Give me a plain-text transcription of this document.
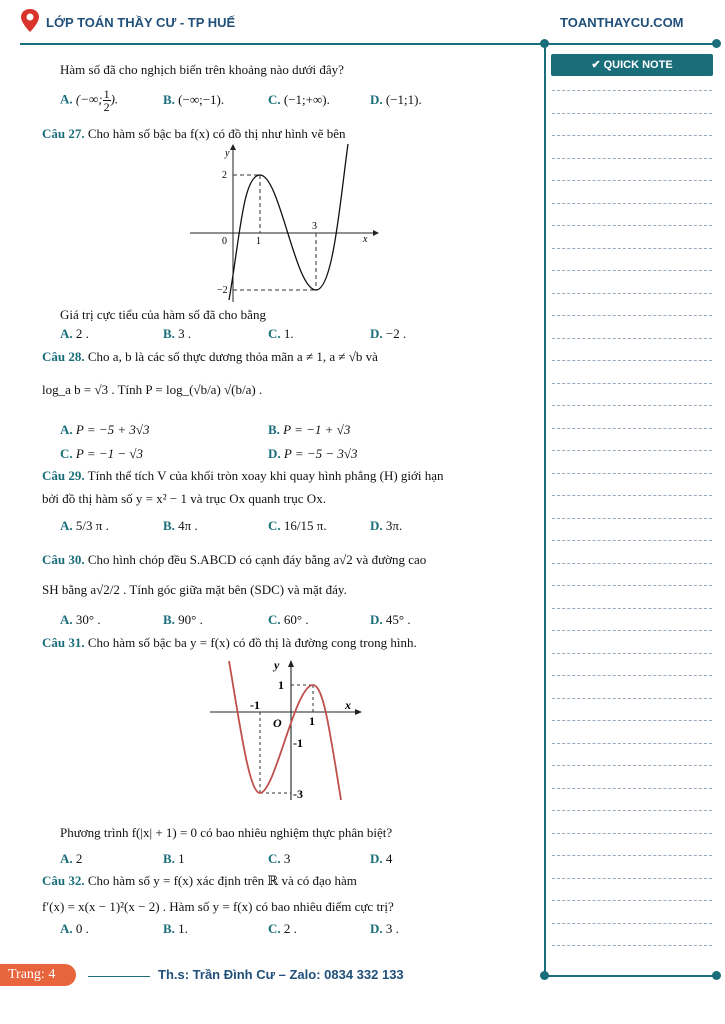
LỚP TOÁN THẦY CƯ - TP HUẾ	TOANTHAYCU.COM
✔ QUICK NOTE
Hàm số đã cho nghịch biến trên khoảng nào dưới đây?
A. (−∞; $\frac{1}{2}$ ).	B. (−∞;−1).	C. (−1;+∞).	D. (−1;1).
Câu 27. Cho hàm số bậc ba f(x) có đồ thị như hình vẽ bên
y
x
0	1
3
2
−2
Giá trị cực tiểu của hàm số đã cho bằng
A. 2 .	B. 3 .	C. 1.	D. −2 .
Câu 28. Cho a, b là các số thực dương thỏa mãn a ≠ 1, a ≠ √b và
log_a b = √3 . Tính P = log_(√b/a) √(b/a) .
A. P = −5 + 3√3	B. P = −1 + √3
C. P = −1 − √3	D. P = −5 − 3√3
Câu 29. Tính thể tích V của khối tròn xoay khi quay hình phẳng (H) giới hạn
bởi đồ thị hàm số y = x² − 1 và trục Ox quanh trục Ox.
A. 5/3 π .	B. 4π .	C. 16/15 π.	D. 3π.
Câu 30. Cho hình chóp đều S.ABCD có cạnh đáy bằng a√2 và đường cao
SH bằng a√2/2 . Tính góc giữa mặt bên (SDC) và mặt đáy.
A. 30° .	B. 90° .	C. 60° .	D. 45° .
Câu 31. Cho hàm số bậc ba y = f(x) có đồ thị là đường cong trong hình.
y
x
O
-1
1
1
-1
-3
Phương trình f(|x| + 1) = 0 có bao nhiêu nghiệm thực phân biệt?
A. 2	B. 1	C. 3	D. 4
Câu 32. Cho hàm số y = f(x) xác định trên ℝ và có đạo hàm
f′(x) = x(x − 1)²(x − 2) . Hàm số y = f(x) có bao nhiêu điểm cực trị?
A. 0 .	B. 1.	C. 2 .	D. 3 .
Trang: 4	Th.s: Trần Đình Cư – Zalo: 0834 332 133
